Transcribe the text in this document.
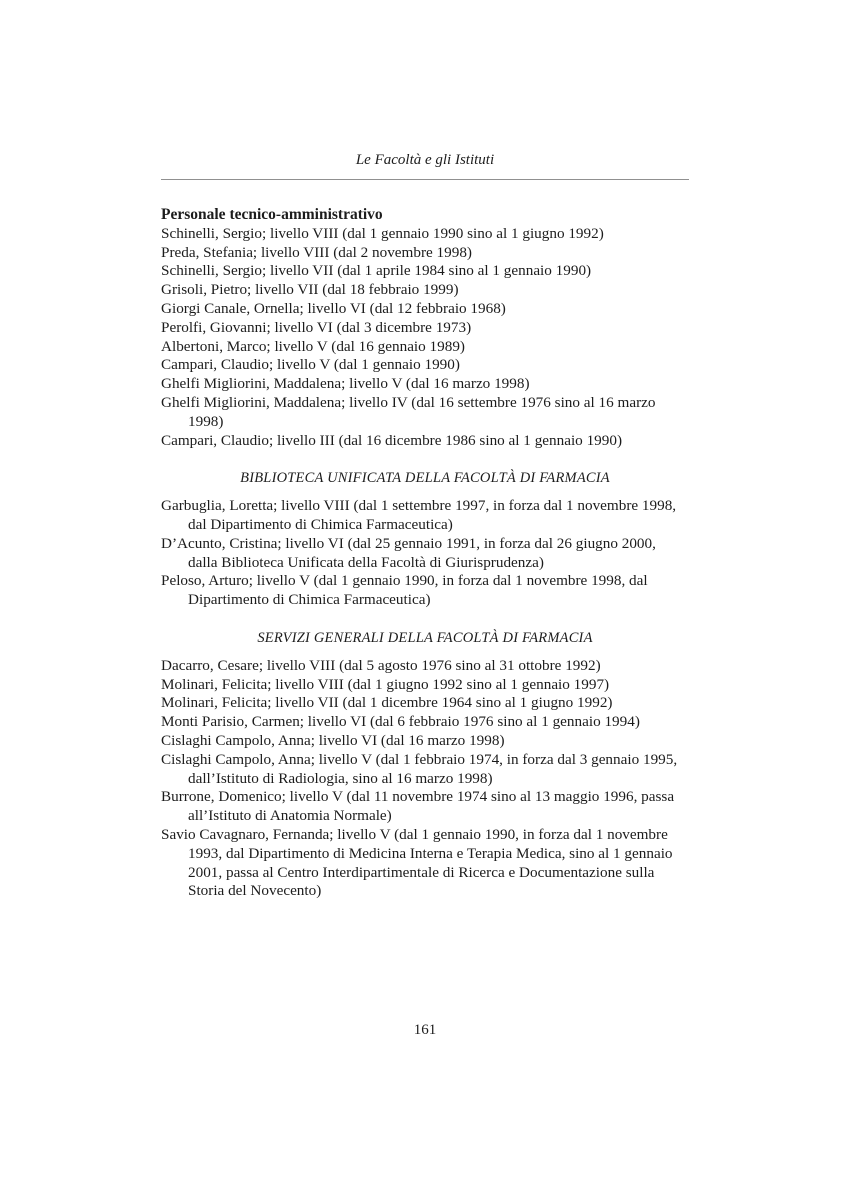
Le Facoltà e gli Istituti

Personale tecnico-amministrativo

Schinelli, Sergio; livello VIII (dal 1 gennaio 1990 sino al 1 giugno 1992)

Preda, Stefania; livello VIII (dal 2 novembre 1998)

Schinelli, Sergio; livello VII (dal 1 aprile 1984 sino al 1 gennaio 1990)

Grisoli, Pietro; livello VII (dal 18 febbraio 1999)

Giorgi Canale, Ornella; livello VI (dal 12 febbraio 1968)

Perolfi, Giovanni; livello VI (dal 3 dicembre 1973)

Albertoni, Marco; livello V (dal 16 gennaio 1989)

Campari, Claudio; livello V (dal 1 gennaio 1990)

Ghelfi Migliorini, Maddalena; livello V (dal 16 marzo 1998)

Ghelfi Migliorini, Maddalena; livello IV (dal 16 settembre 1976 sino al 16 marzo 1998)

Campari, Claudio; livello III (dal 16 dicembre 1986 sino al 1 gennaio 1990)

BIBLIOTECA UNIFICATA DELLA FACOLTÀ DI FARMACIA

Garbuglia, Loretta; livello VIII (dal 1 settembre 1997, in forza dal 1 novembre 1998, dal Dipartimento di Chimica Farmaceutica)

D’Acunto, Cristina; livello VI (dal 25 gennaio 1991, in forza dal 26 giugno 2000, dalla Biblioteca Unificata della Facoltà di Giurisprudenza)

Peloso, Arturo; livello V (dal 1 gennaio 1990, in forza dal 1 novembre 1998, dal Dipartimento di Chimica Farmaceutica)

SERVIZI GENERALI DELLA FACOLTÀ DI FARMACIA

Dacarro, Cesare; livello VIII (dal 5 agosto 1976 sino al 31 ottobre 1992)

Molinari, Felicita; livello VIII (dal 1 giugno 1992 sino al 1 gennaio 1997)

Molinari, Felicita; livello VII (dal 1 dicembre 1964 sino al 1 giugno 1992)

Monti Parisio, Carmen; livello VI (dal 6 febbraio 1976 sino al 1 gennaio 1994)

Cislaghi Campolo, Anna; livello VI (dal 16 marzo 1998)

Cislaghi Campolo, Anna; livello V (dal 1 febbraio 1974, in forza dal 3 gennaio 1995, dall’Istituto di Radiologia, sino al 16 marzo 1998)

Burrone, Domenico; livello V (dal 11 novembre 1974 sino al 13 maggio 1996, passa all’Istituto di Anatomia Normale)

Savio Cavagnaro, Fernanda; livello V (dal 1 gennaio 1990, in forza dal 1 novembre 1993, dal Dipartimento di Medicina Interna e Terapia Medica, sino al 1 gennaio 2001, passa al Centro Interdipartimentale di Ricerca e Documentazione sulla Storia del Novecento)

161
